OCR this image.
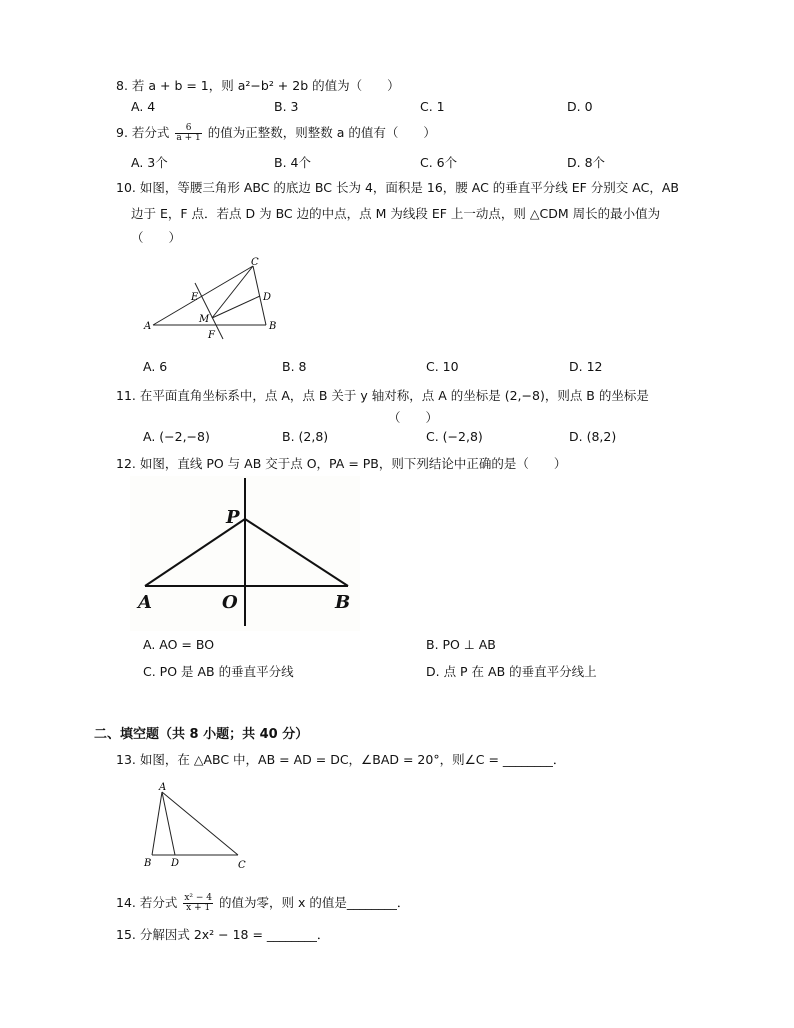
8. 若 a + b = 1，则 a²−b² + 2b 的值为（　　）
A. 4	B. 3	C. 1	D. 0
9. 若分式 $\frac{6}{a + 1}$ 的值为正整数，则整数 a 的值有（　　）
A. 3个	B. 4个	C. 6个	D. 8个
10. 如图，等腰三角形 ABC 的底边 BC 长为 4，面积是 16，腰 AC 的垂直平分线 EF 分别交 AC，AB
边于 E，F 点．若点 D 为 BC 边的中点，点 M 为线段 EF 上一动点，则 △CDM 周长的最小值为
（　　）
C
E	D
M
A	B
F
A. 6	B. 8	C. 10	D. 12
11. 在平面直角坐标系中，点 A，点 B 关于 y 轴对称，点 A 的坐标是 (2,−8)，则点 B 的坐标是
（　　）
A. (−2,−8)	B. (2,8)	C. (−2,8)	D. (8,2)
12. 如图，直线 PO 与 AB 交于点 O，PA = PB，则下列结论中正确的是（　　）
P
A	O	B
A. AO = BO	B. PO ⊥ AB
C. PO 是 AB 的垂直平分线	D. 点 P 在 AB 的垂直平分线上
二、填空题（共 8 小题；共 40 分）
13. 如图，在 △ABC 中，AB = AD = DC，∠BAD = 20°，则∠C = ________．
A
B D	C
14. 若分式 $\frac{\text{x² − 4}}{x + 1}$ 的值为零，则 x 的值是________．
15. 分解因式 2x² − 18 = ________．
